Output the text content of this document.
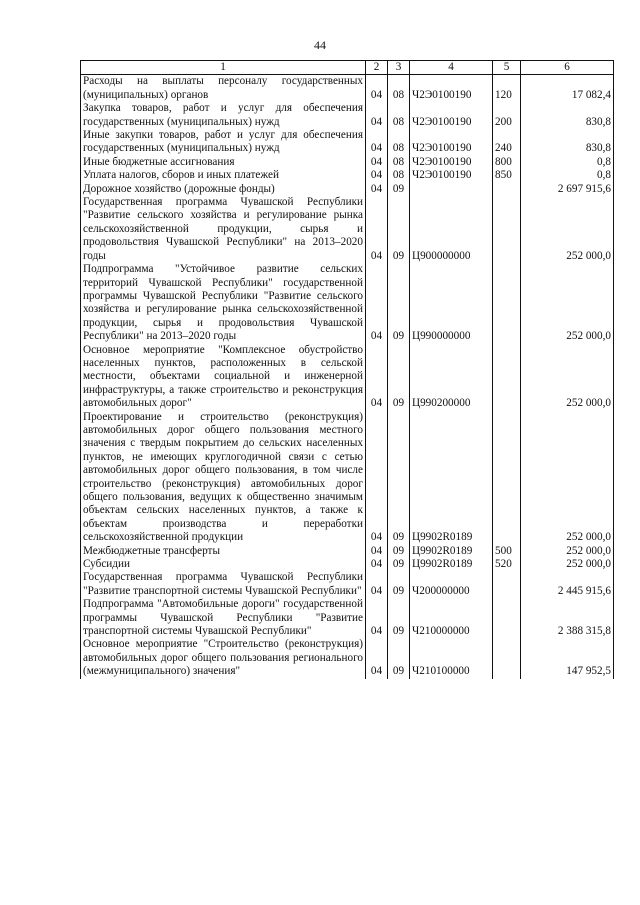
44
1	2	3	4	5	6
Расходы на выплаты персоналу государственных (муниципальных) органов	04	08	Ч2Э0100190	120	17 082,4
Закупка товаров, работ и услуг для обеспечения государственных (муниципальных) нужд	04	08	Ч2Э0100190	200	830,8
Иные закупки товаров, работ и услуг для обеспечения государственных (муниципальных) нужд	04	08	Ч2Э0100190	240	830,8
Иные бюджетные ассигнования	04	08	Ч2Э0100190	800	0,8
Уплата налогов, сборов и иных платежей	04	08	Ч2Э0100190	850	0,8
Дорожное хозяйство (дорожные фонды)	04	09			2 697 915,6
Государственная программа Чувашской Республики "Развитие сельского хозяйства и регулирование рынка сельскохозяйственной продукции, сырья и продовольствия Чувашской Республики" на 2013–2020 годы	04	09	Ц900000000		252 000,0
Подпрограмма "Устойчивое развитие сельских территорий Чувашской Республики" государственной программы Чувашской Республики "Развитие сельского хозяйства и регулирование рынка сельскохозяйственной продукции, сырья и продовольствия Чувашской Республики" на 2013–2020 годы	04	09	Ц990000000		252 000,0
Основное мероприятие "Комплексное обустройство населенных пунктов, расположенных в сельской местности, объектами социальной и инженерной инфраструктуры, а также строительство и реконструкция автомобильных дорог"	04	09	Ц990200000		252 000,0
Проектирование и строительство (реконструкция) автомобильных дорог общего пользования местного значения с твердым покрытием до сельских населенных пунктов, не имеющих круглогодичной связи с сетью автомобильных дорог общего пользования, в том числе строительство (реконструкция) автомобильных дорог общего пользования, ведущих к общественно значимым объектам сельских населенных пунктов, а также к объектам производства и переработки сельскохозяйственной продукции	04	09	Ц9902R0189		252 000,0
Межбюджетные трансферты	04	09	Ц9902R0189	500	252 000,0
Субсидии	04	09	Ц9902R0189	520	252 000,0
Государственная программа Чувашской Республики "Развитие транспортной системы Чувашской Республики"	04	09	Ч200000000		2 445 915,6
Подпрограмма "Автомобильные дороги" государственной программы Чувашской Республики "Развитие транспортной системы Чувашской Республики"	04	09	Ч210000000		2 388 315,8
Основное мероприятие "Строительство (реконструкция) автомобильных дорог общего пользования регионального (межмуниципального) значения"	04	09	Ч210100000		147 952,5
